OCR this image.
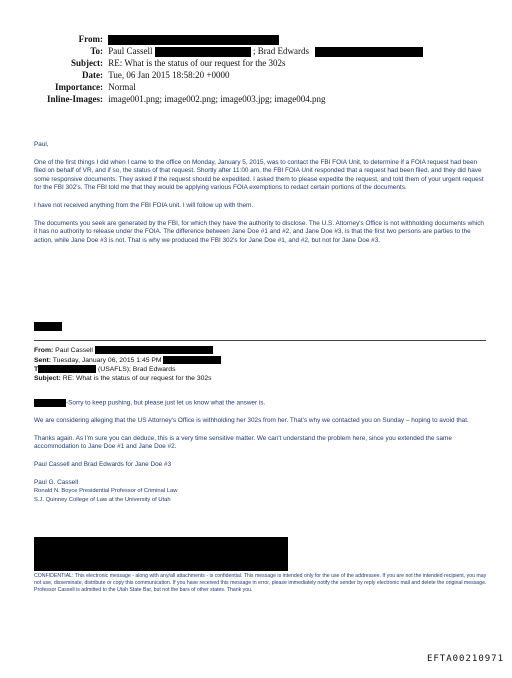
From:
To: Paul Cassell	; Brad Edwards
Subject: RE: What is the status of our request for the 302s
Date: Tue, 06 Jan 2015 18:58:20 +0000
Importance: Normal
Inline-Images: image001.png; image002.png; image003.jpg; image004.png

Paul,

One of the first things I did when I came to the office on Monday, January 5, 2015, was to contact the FBI FOIA Unit, to determine if a FOIA request had been filed on behalf of VR, and if so, the status of that request. Shortly after 11:00 am, the FBI FOIA Unit responded that a request had been filed, and they did have some responsive documents. They asked if the request should be expedited. I asked them to please expedite the request, and told them of your urgent request for the FBI 302's. The FBI told me that they would be applying various FOIA exemptions to redact certain portions of the documents.

I have not received anything from the FBI FOIA unit. I will follow up with them.

The documents you seek are generated by the FBI, for which they have the authority to disclose. The U.S. Attorney's Office is not withholding documents which it has no authority to release under the FOIA. The difference between Jane Doe #1 and #2, and Jane Doe #3, is that the first two persons are parties to the action, while Jane Doe #3 is not. That is why we produced the FBI 302's for Jane Doe #1, and #2, but not for Jane Doe #3.

From: Paul Cassell
Sent: Tuesday, January 06, 2015 1:45 PM
T	(USAFLS); Brad Edwards
Subject: RE: What is the status of our request for the 302s

-Sorry to keep pushing, but please just let us know what the answer is.

We are considering alleging that the US Attorney's Office is withholding her 302s from her. That's why we contacted you on Sunday – hoping to avoid that.

Thanks again. As I'm sure you can deduce, this is a very time sensitive matter. We can't understand the problem here, since you extended the same accommodation to Jane Doe #1 and Jane Doe #2.

Paul Cassell and Brad Edwards for Jane Doe #3

Paul G. Cassell

Ronald N. Boyce Presidential Professor of Criminal Law

S.J. Quinney College of Law at the University of Utah

CONFIDENTIAL: This electronic message - along with any/all attachments - is confidential. This message is intended only for the use of the addressee. If you are not the intended recipient, you may not use, disseminate, distribute or copy this communication. If you have received this message in error, please immediately notify the sender by reply electronic mail and delete the original message. Professor Cassell is admitted to the Utah State Bar, but not the bars of other states. Thank you.
EFTA00210971
